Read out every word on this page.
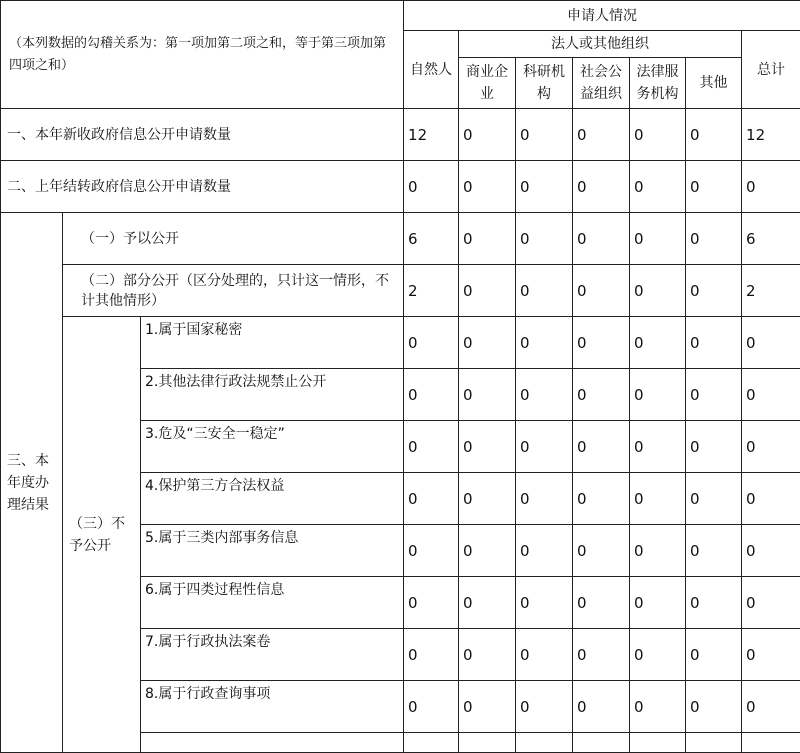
（本列数据的勾稽关系为：第一项加第二项之和，等于第三项加第四项之和）			申请人情况						
			自然人	法人或其他组织					总计
				商业企业	科研机构	社会公益组织	法律服务机构	其他	
一、本年新收政府信息公开申请数量			12	0	0	0	0	0	12
二、上年结转政府信息公开申请数量			0	0	0	0	0	0	0
三、本年度办理结果	（一）予以公开		6	0	0	0	0	0	6
	（二）部分公开（区分处理的，只计这一情形，不计其他情形）		2	0	0	0	0	0	2
	（三）不予公开	1.属于国家秘密	0	0	0	0	0	0	0
		2.其他法律行政法规禁止公开	0	0	0	0	0	0	0
		3.危及“三安全一稳定”	0	0	0	0	0	0	0
		4.保护第三方合法权益	0	0	0	0	0	0	0
		5.属于三类内部事务信息	0	0	0	0	0	0	0
		6.属于四类过程性信息	0	0	0	0	0	0	0
		7.属于行政执法案卷	0	0	0	0	0	0	0
		8.属于行政查询事项	0	0	0	0	0	0	0
